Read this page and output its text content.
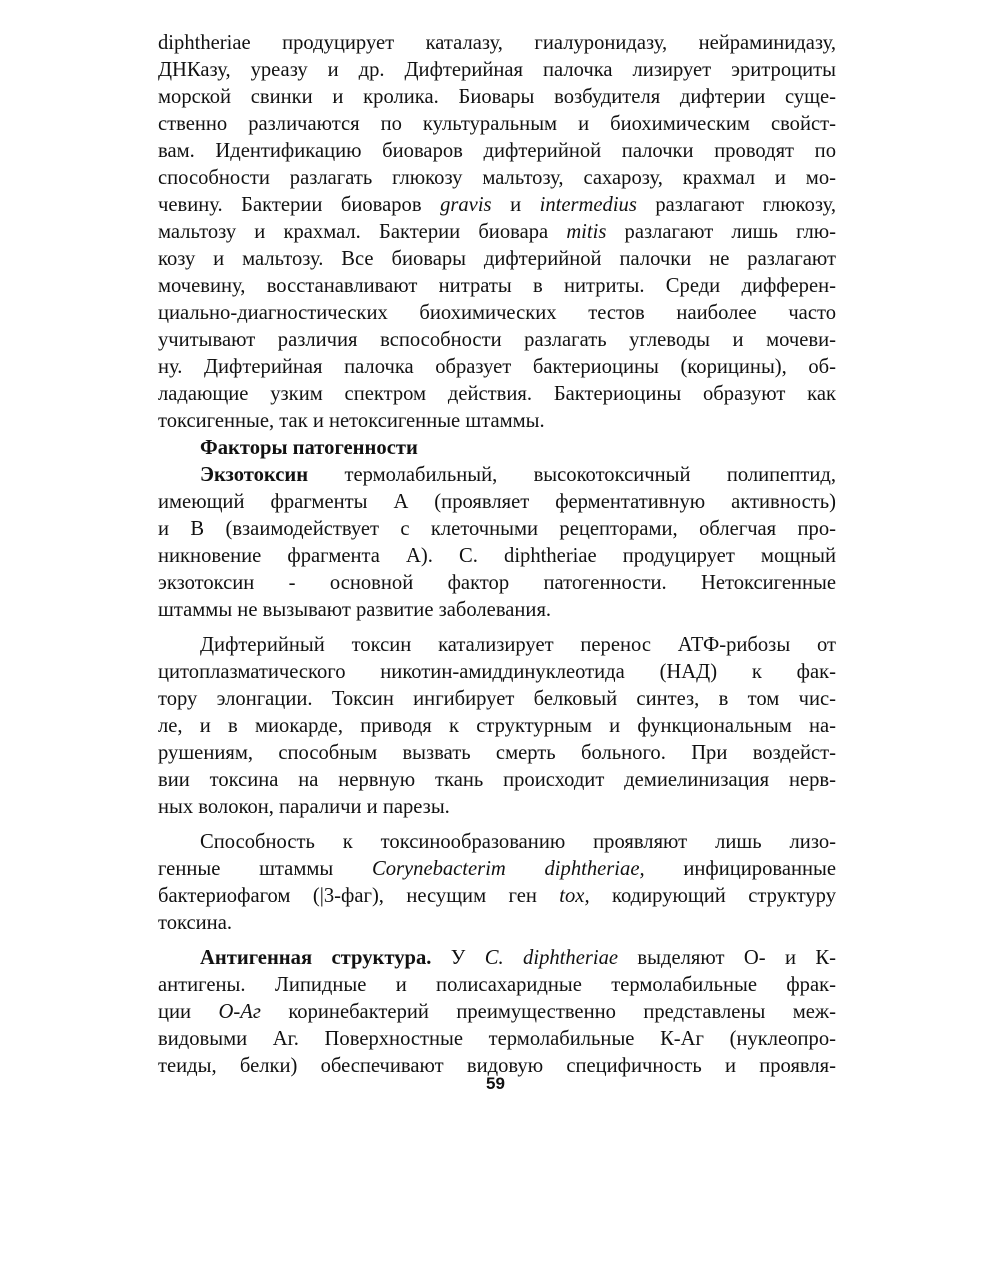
diphtheriae продуцирует каталазу, гиалуронидазу, нейраминидазу,
ДНКазу, уреазу и др. Дифтерийная палочка лизирует эритроциты
морской свинки и кролика. Биовары возбудителя дифтерии суще-
ственно различаются по культуральным и биохимическим свойст-
вам. Идентификацию биоваров дифтерийной палочки проводят по
способности разлагать глюкозу мальтозу, сахарозу, крахмал и мо-
чевину. Бактерии биоваров gravis и intermedius разлагают глюкозу,
мальтозу и крахмал. Бактерии биовара mitis разлагают лишь глю-
козу и мальтозу. Все биовары дифтерийной палочки не разлагают
мочевину, восстанавливают нитраты в нитриты. Среди дифферен-
циально-диагностических биохимических тестов наиболее часто
учитывают различия вспособности разлагать углеводы и мочеви-
ну. Дифтерийная палочка образует бактериоцины (корицины), об-
ладающие узким спектром действия. Бактериоцины образуют как
токсигенные, так и нетоксигенные штаммы.
Факторы патогенности
Экзотоксин термолабильный, высокотоксичный полипептид,
имеющий фрагменты А (проявляет ферментативную активность)
и В (взаимодействует с клеточными рецепторами, облегчая про-
никновение фрагмента А). С. diphtheriae продуцирует мощный
экзотоксин - основной фактор патогенности. Нетоксигенные
штаммы не вызывают развитие заболевания.
Дифтерийный токсин катализирует перенос АТФ-рибозы от
цитоплазматического никотин-амиддинуклеотида (НАД) к фак-
тору элонгации. Токсин ингибирует белковый синтез, в том чис-
ле, и в миокарде, приводя к структурным и функциональным на-
рушениям, способным вызвать смерть больного. При воздейст-
вии токсина на нервную ткань происходит демиелинизация нерв-
ных волокон, параличи и парезы.
Способность к токсинообразованию проявляют лишь лизо-
генные штаммы Corynebacterim diphtheriae, инфицированные
бактериофагом (|3-фаг), несущим ген tox, кодирующий структуру
токсина.
Антигенная структура. У С. diphtheriae выделяют О- и К-
антигены. Липидные и полисахаридные термолабильные фрак-
ции О-Аг коринебактерий преимущественно представлены меж-
видовыми Аг. Поверхностные термолабильные К-Аг (нуклеопро-
теиды, белки) обеспечивают видовую специфичность и проявля-
59
